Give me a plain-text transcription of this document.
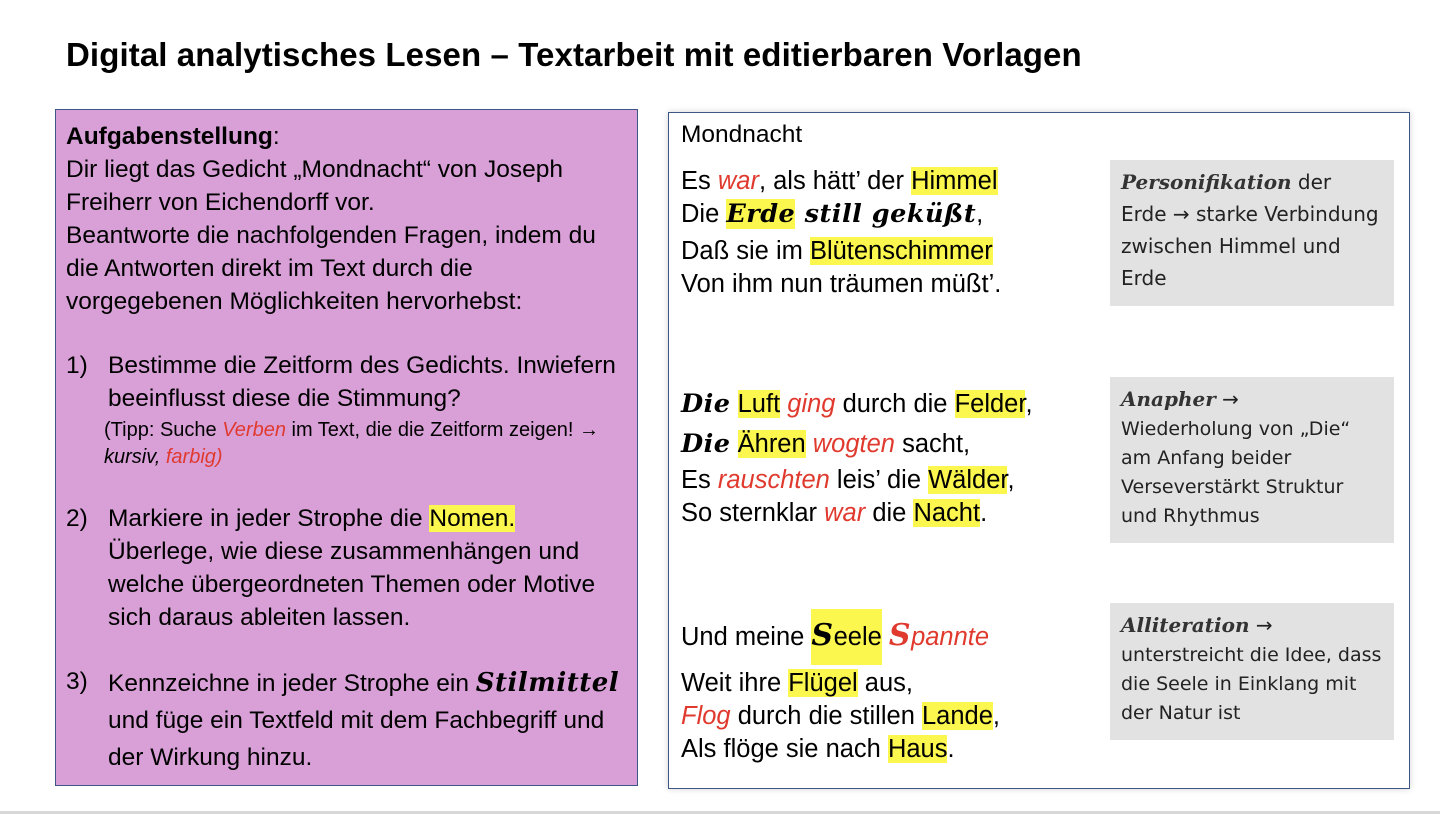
Digital analytisches Lesen – Textarbeit mit editierbaren Vorlagen

Aufgabenstellung:

Dir liegt das Gedicht „Mondnacht“ von Joseph Freiherr von Eichendorff vor.

Beantworte die nachfolgenden Fragen, indem du die Antworten direkt im Text durch die vorgegebenen Möglichkeiten hervorhebst:

1) Bestimme die Zeitform des Gedichts. Inwiefern beeinflusst diese die Stimmung?
(Tipp: Suche Verben im Text, die die Zeitform zeigen! → kursiv, farbig)
2) Markiere in jeder Strophe die Nomen. Überlege, wie diese zusammenhängen und welche übergeordneten Themen oder Motive sich daraus ableiten lassen.
3) Kennzeichne in jeder Strophe ein Stilmittel und füge ein Textfeld mit dem Fachbegriff und der Wirkung hinzu.
Mondnacht
Es war, als hätt’ der Himmel
Die Erde still geküßt,
Daß sie im Blütenschimmer
Von ihm nun träumen müßt’.
Die Luft ging durch die Felder,
Die Ähren wogten sacht,
Es rauschten leis’ die Wälder,
So sternklar war die Nacht.
Und meine Seele Spannte
Weit ihre Flügel aus,
Flog durch die stillen Lande,
Als flöge sie nach Haus.
Personifikation der
Erde → starke Verbindung zwischen Himmel und Erde
Anapher →
Wiederholung von „Die“ am Anfang beider Verseverstärkt Struktur und Rhythmus
Alliteration →
unterstreicht die Idee, dass die Seele in Einklang mit der Natur ist
